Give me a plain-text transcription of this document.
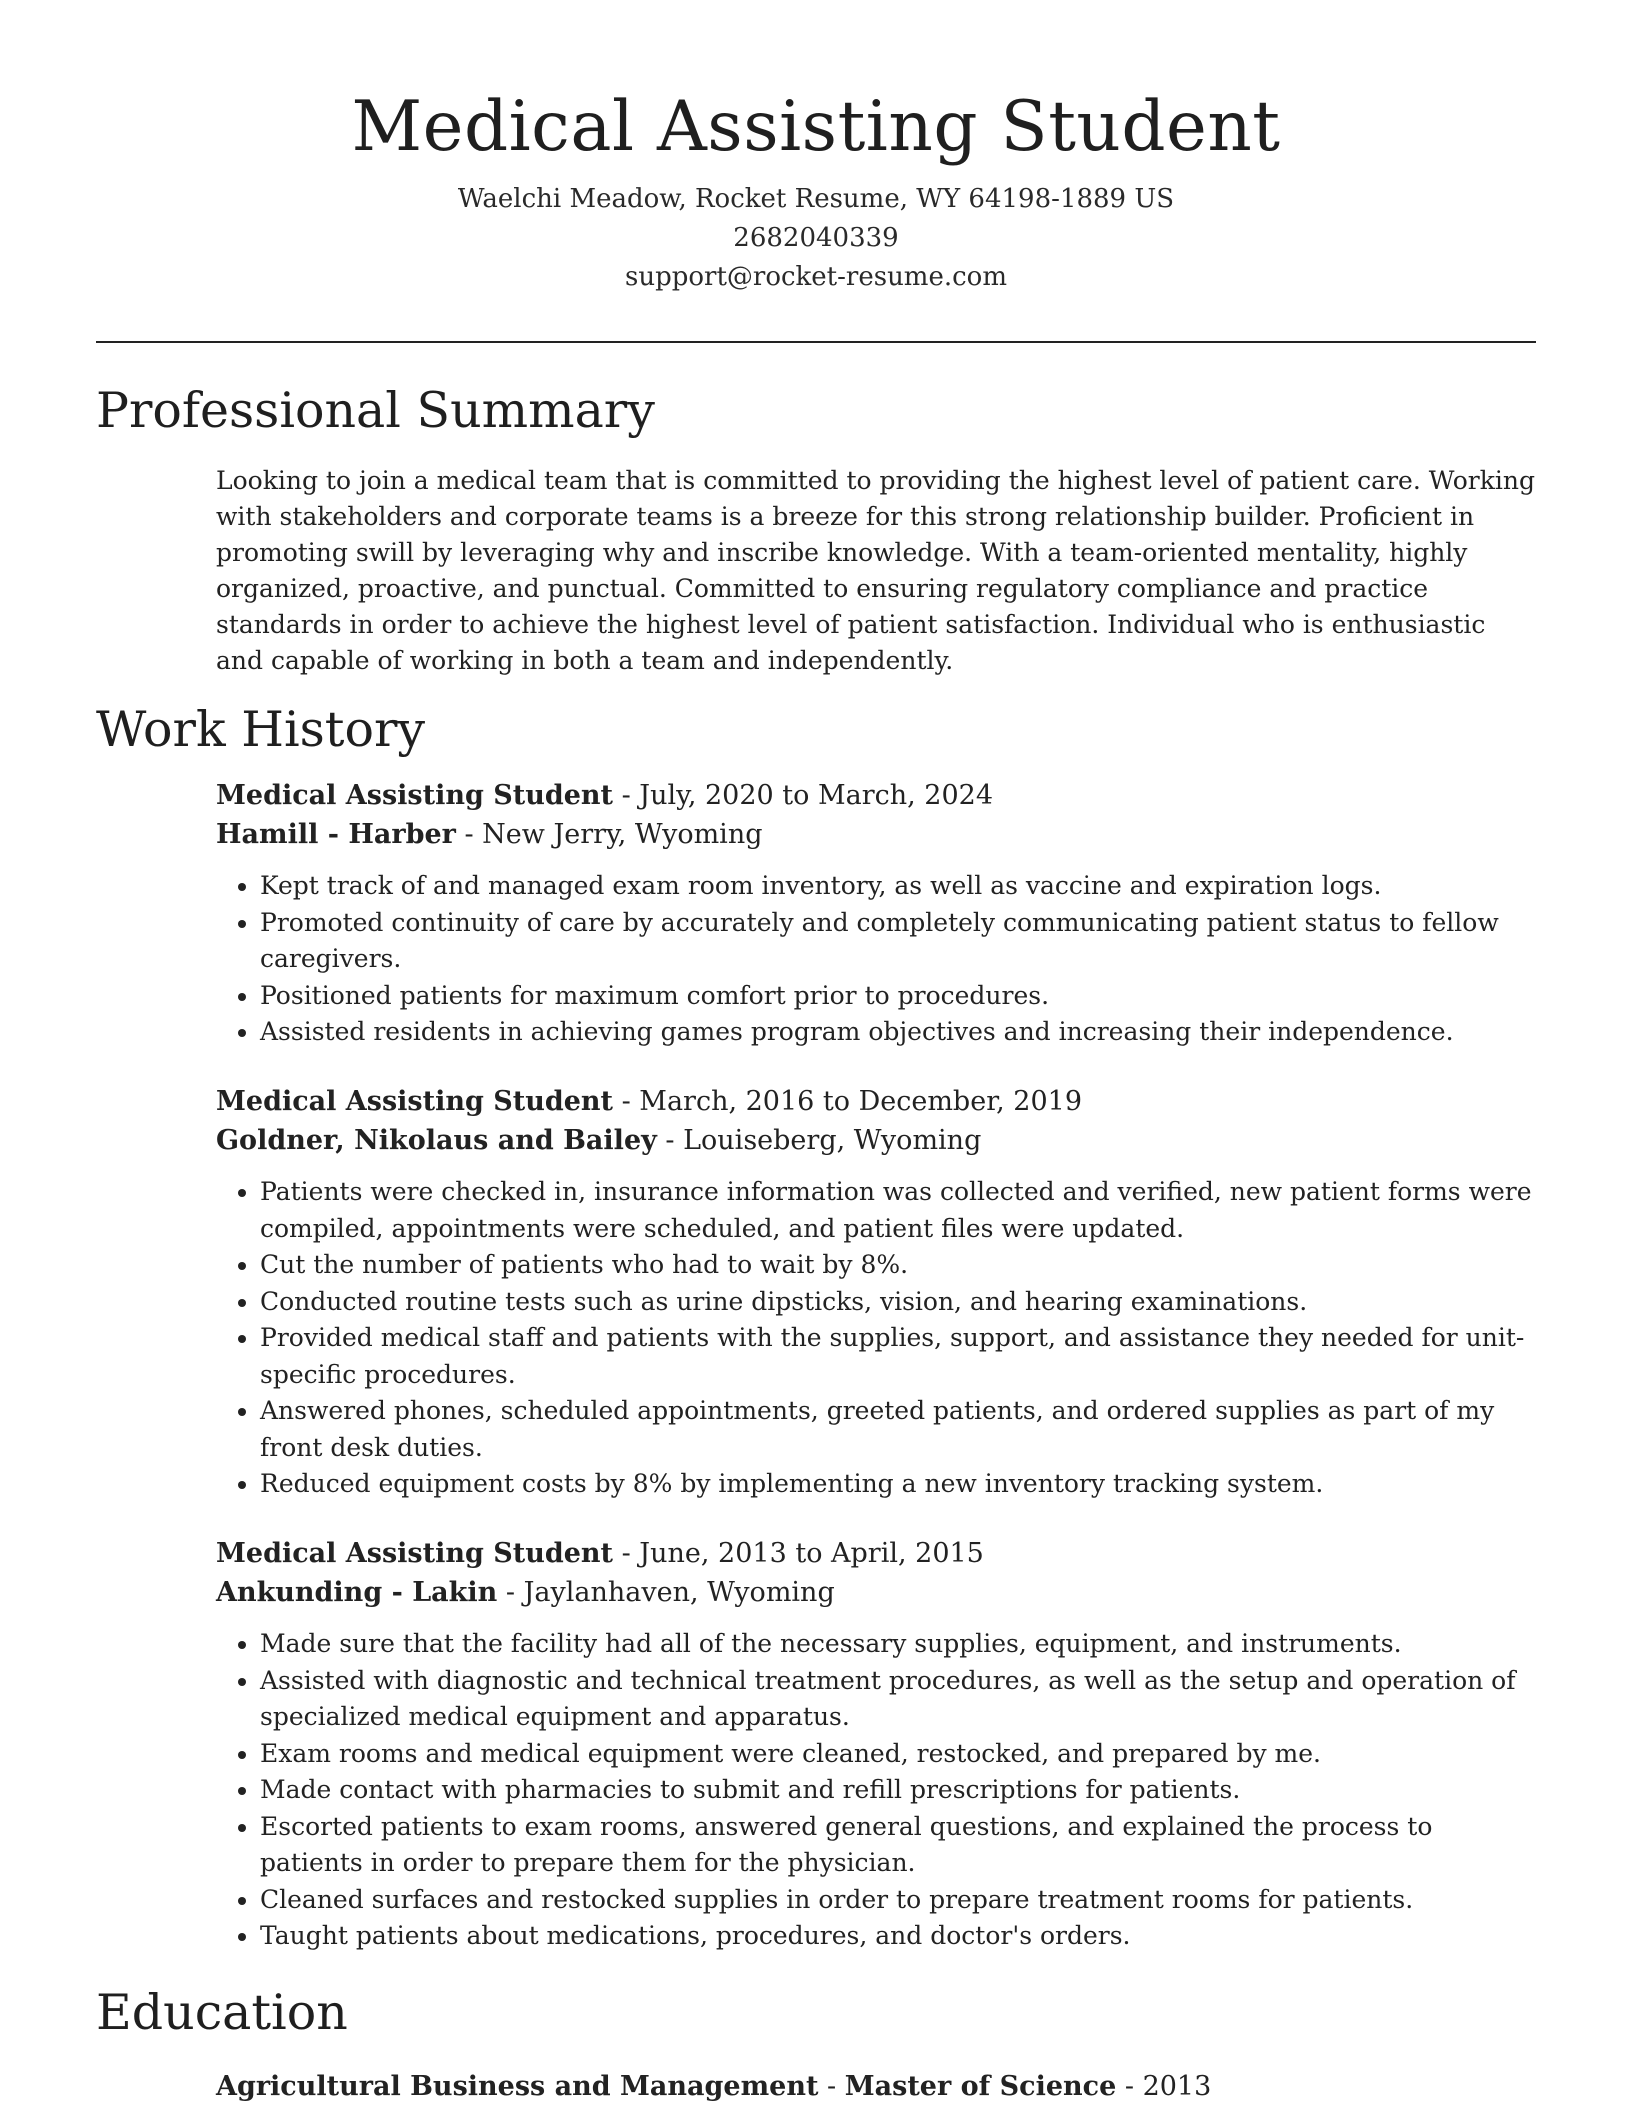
Medical Assisting Student
Waelchi Meadow, Rocket Resume, WY 64198-1889 US
2682040339
support@rocket-resume.com
Professional Summary

Looking to join a medical team that is committed to providing the highest level of patient care. Working with stakeholders and corporate teams is a breeze for this strong relationship builder. Proficient in promoting swill by leveraging why and inscribe knowledge. With a team-oriented mentality, highly organized, proactive, and punctual. Committed to ensuring regulatory compliance and practice standards in order to achieve the highest level of patient satisfaction. Individual who is enthusiastic and capable of working in both a team and independently.

Work History
Medical Assisting Student - July, 2020 to March, 2024
Hamill - Harber - New Jerry, Wyoming
• Kept track of and managed exam room inventory, as well as vaccine and expiration logs.
• Promoted continuity of care by accurately and completely communicating patient status to fellow caregivers.
• Positioned patients for maximum comfort prior to procedures.
• Assisted residents in achieving games program objectives and increasing their independence.
Medical Assisting Student - March, 2016 to December, 2019
Goldner, Nikolaus and Bailey - Louiseberg, Wyoming
• Patients were checked in, insurance information was collected and verified, new patient forms were compiled, appointments were scheduled, and patient files were updated.
• Cut the number of patients who had to wait by 8%.
• Conducted routine tests such as urine dipsticks, vision, and hearing examinations.
• Provided medical staff and patients with the supplies, support, and assistance they needed for unit-specific procedures.
• Answered phones, scheduled appointments, greeted patients, and ordered supplies as part of my front desk duties.
• Reduced equipment costs by 8% by implementing a new inventory tracking system.
Medical Assisting Student - June, 2013 to April, 2015
Ankunding - Lakin - Jaylanhaven, Wyoming
• Made sure that the facility had all of the necessary supplies, equipment, and instruments.
• Assisted with diagnostic and technical treatment procedures, as well as the setup and operation of specialized medical equipment and apparatus.
• Exam rooms and medical equipment were cleaned, restocked, and prepared by me.
• Made contact with pharmacies to submit and refill prescriptions for patients.
• Escorted patients to exam rooms, answered general questions, and explained the process to patients in order to prepare them for the physician.
• Cleaned surfaces and restocked supplies in order to prepare treatment rooms for patients.
• Taught patients about medications, procedures, and doctor's orders.
Education
Agricultural Business and Management - Master of Science - 2013
